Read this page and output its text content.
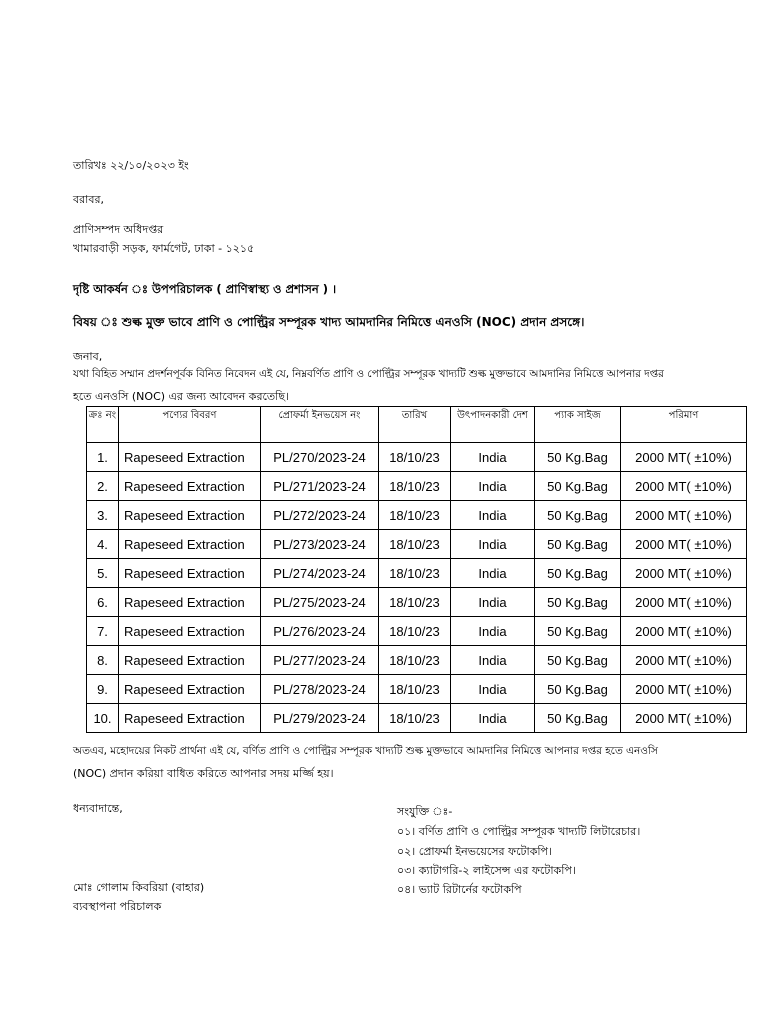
তারিখঃ ২২/১০/২০২৩ ইং
বরাবর,
প্রাণিসম্পদ অধিদপ্তর
খামারবাড়ী সড়ক, ফার্মগেট, ঢাকা - ১২১৫
দৃষ্টি আকর্ষন ঃ উপপরিচালক ( প্রাণিস্বাস্থ্য ও প্রশাসন ) ।
বিষয় ঃ শুল্ক মুক্ত ভাবে প্রাণি ও পোল্ট্রির সম্পূরক খাদ্য আমদানির নিমিত্তে এনওসি (NOC) প্রদান প্রসঙ্গে।
জনাব,
যথা বিহিত সম্মান প্রদর্শনপূর্বক বিনিত নিবেদন এই যে, নিম্নবর্ণিত প্রাণি ও পোল্ট্রির সম্পূরক খাদ্যটি শুল্ক মুক্তভাবে আমদানির নিমিত্তে আপনার দপ্তর
হতে এনওসি (NOC) এর জন্য আবেদন করতেছি।
ক্রঃ নং	পণ্যের বিবরণ	প্রোফর্মা ইনভয়েস নং	তারিখ	উৎপাদনকারী দেশ	প্যাক সাইজ	পরিমাণ
1.	Rapeseed Extraction	PL/270/2023-24	18/10/23	India	50 Kg.Bag	2000 MT( ±10%)
2.	Rapeseed Extraction	PL/271/2023-24	18/10/23	India	50 Kg.Bag	2000 MT( ±10%)
3.	Rapeseed Extraction	PL/272/2023-24	18/10/23	India	50 Kg.Bag	2000 MT( ±10%)
4.	Rapeseed Extraction	PL/273/2023-24	18/10/23	India	50 Kg.Bag	2000 MT( ±10%)
5.	Rapeseed Extraction	PL/274/2023-24	18/10/23	India	50 Kg.Bag	2000 MT( ±10%)
6.	Rapeseed Extraction	PL/275/2023-24	18/10/23	India	50 Kg.Bag	2000 MT( ±10%)
7.	Rapeseed Extraction	PL/276/2023-24	18/10/23	India	50 Kg.Bag	2000 MT( ±10%)
8.	Rapeseed Extraction	PL/277/2023-24	18/10/23	India	50 Kg.Bag	2000 MT( ±10%)
9.	Rapeseed Extraction	PL/278/2023-24	18/10/23	India	50 Kg.Bag	2000 MT( ±10%)
10.	Rapeseed Extraction	PL/279/2023-24	18/10/23	India	50 Kg.Bag	2000 MT( ±10%)
অতএব, মহোদয়ের নিকট প্রার্থনা এই যে, বর্ণিত প্রাণি ও পোল্ট্রির সম্পূরক খাদ্যটি শুল্ক মুক্তভাবে আমদানির নিমিত্তে আপনার দপ্তর হতে এনওসি
(NOC) প্রদান করিয়া বাধিত করিতে আপনার সদয় মর্জ্জি হয়।
ধন্যবাদান্তে,	সংযুক্তি ঃ-
০১। বর্ণিত প্রাণি ও পোল্ট্রির সম্পূরক খাদ্যটি লিটারেচার।
০২। প্রোফর্মা ইনভয়েসের ফটোকপি।
০৩। ক্যাটাগরি-২ লাইসেন্স এর ফটোকপি।
০৪। ভ্যাট রিটার্নের ফটোকপি
মোঃ গোলাম কিবরিয়া (বাহার)
ব্যবস্থাপনা পরিচালক
